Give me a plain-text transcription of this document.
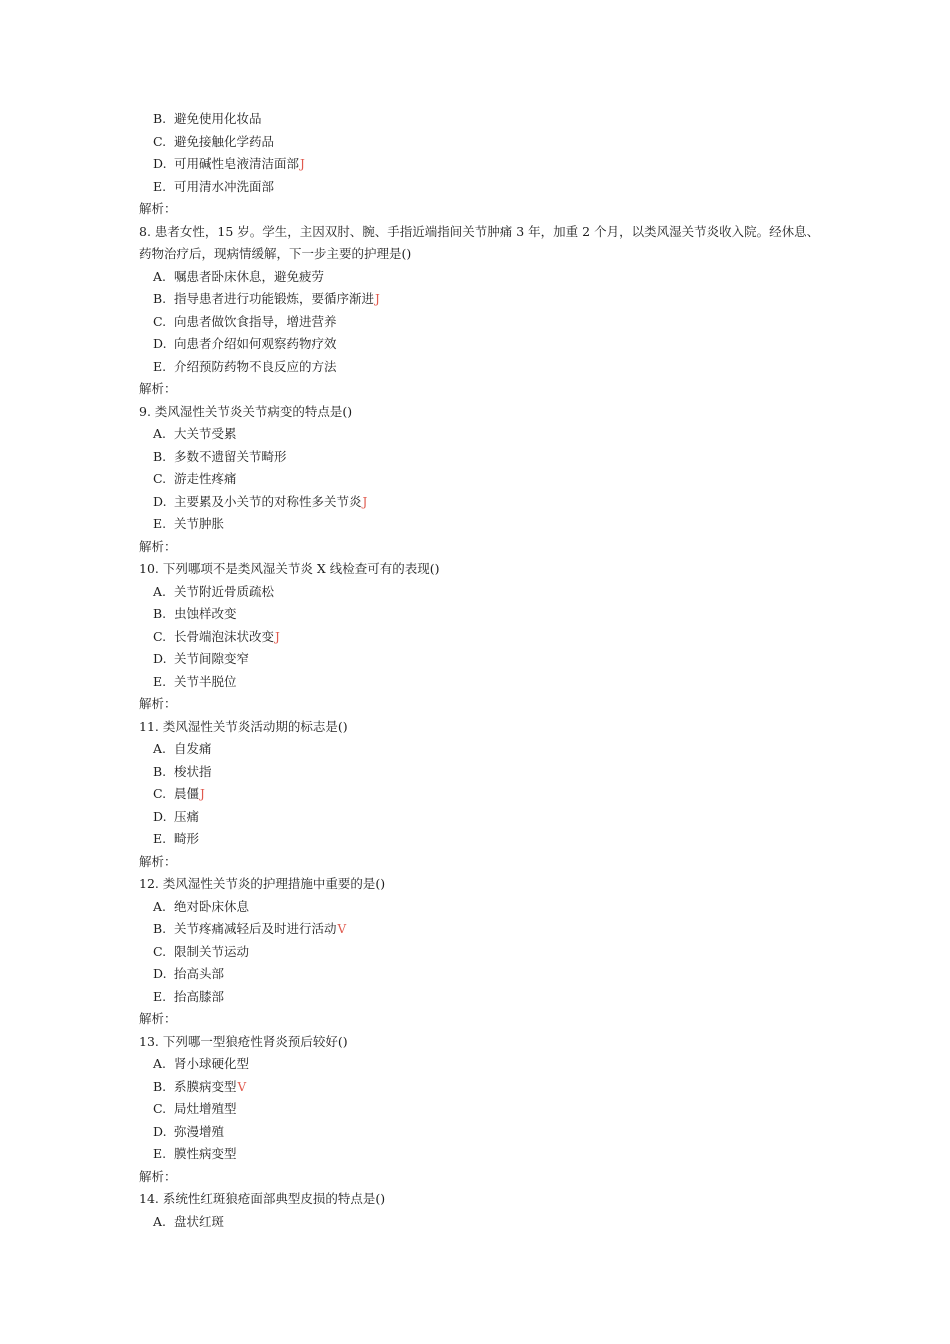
B. 避免使用化妆品
C. 避免接触化学药品
D. 可用碱性皂液清洁面部J
E. 可用清水冲洗面部
解析：
8. 患者女性，15 岁。学生，主因双肘、腕、手指近端指间关节肿痛 3 年，加重 2 个月，以类风湿关节炎收入院。经休息、药物治疗后，现病情缓解，下一步主要的护理是()
A. 嘱患者卧床休息，避免疲劳
B. 指导患者进行功能锻炼，要循序渐进J
C. 向患者做饮食指导，增进营养
D. 向患者介绍如何观察药物疗效
E. 介绍预防药物不良反应的方法
解析：
9. 类风湿性关节炎关节病变的特点是()
A. 大关节受累
B. 多数不遗留关节畸形
C. 游走性疼痛
D. 主要累及小关节的对称性多关节炎J
E. 关节肿胀
解析：
10. 下列哪项不是类风湿关节炎 X 线检查可有的表现()
A. 关节附近骨质疏松
B. 虫蚀样改变
C. 长骨端泡沫状改变J
D. 关节间隙变窄
E. 关节半脱位
解析：
11. 类风湿性关节炎活动期的标志是()
A. 自发痛
B. 梭状指
C. 晨僵J
D. 压痛
E. 畸形
解析：
12. 类风湿性关节炎的护理措施中重要的是()
A. 绝对卧床休息
B. 关节疼痛减轻后及时进行活动V
C. 限制关节运动
D. 抬高头部
E. 抬高膝部
解析：
13. 下列哪一型狼疮性肾炎预后较好()
A. 肾小球硬化型
B. 系膜病变型V
C. 局灶增殖型
D. 弥漫增殖
E. 膜性病变型
解析：
14. 系统性红斑狼疮面部典型皮损的特点是()
A. 盘状红斑
